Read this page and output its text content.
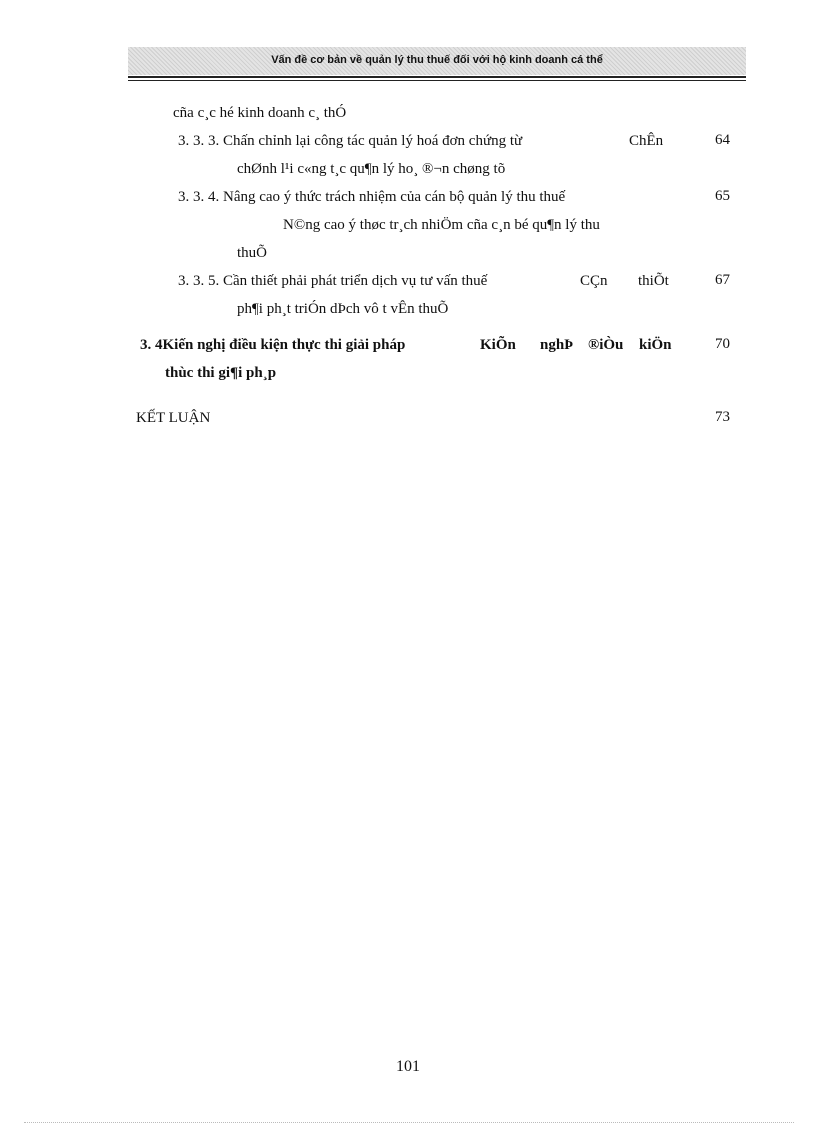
Vấn đề cơ bản về quản lý thu thuế đối với hộ kinh doanh cá thể
cña c¸c hé kinh doanh c¸ thÓ
3. 3. 3. Chấn chỉnh lại công tác quản lý hoá đơn chứng từ	ChÊn	64
chØnh l¹i c«ng t¸c qu¶n lý ho¸ ®¬n chøng tõ
3. 3. 4. Nâng cao ý thức trách nhiệm của cán bộ quản lý thu thuế	65
N©ng cao ý thøc tr¸ch nhiÖm cña c¸n bé qu¶n lý thu
thuÕ
3. 3. 5. Cần thiết phải phát triển dịch vụ tư vấn thuế	CÇn thiÕt	67
ph¶i ph¸t triÓn dÞch vô t vÊn thuÕ
3. 4Kiến nghị điều kiện thực thi giải pháp	KiÕn nghÞ ®iÒu kiÖn	70
thùc thi gi¶i ph¸p
KẾT LUẬN	73
101
